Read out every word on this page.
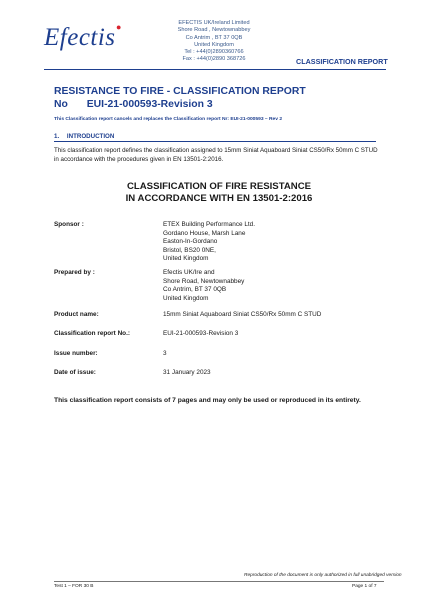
Efectis ●	EFECTIS UK/Ireland Limited
Shore Road , Newtownabbey
Co Antrim , BT 37 0QB
United Kingdom
Tel : +44(0)2890360766
Fax : +44(0)2890 368726	CLASSIFICATION REPORT
RESISTANCE TO FIRE - CLASSIFICATION REPORT
No EUI-21-000593-Revision 3
This Classification report cancels and replaces the Classification report Nr: EUI-21-000593 – Rev 2
1. INTRODUCTION
This classification report defines the classification assigned to 15mm Siniat Aquaboard Siniat CS50/Rx 50mm C STUD in accordance with the procedures given in EN 13501-2:2016.
CLASSIFICATION OF FIRE RESISTANCE
IN ACCORDANCE WITH EN 13501-2:2016
Sponsor :	ETEX Building Performance Ltd.
Gordano House, Marsh Lane
Easton-In-Gordano
Bristol, BS20 0NE,
United Kingdom
Prepared by :	Efectis UK/Ire and
Shore Road, Newtownabbey
Co Antrim, BT 37 0QB
United Kingdom
Product name:	15mm Siniat Aquaboard Siniat CS50/Rx 50mm C STUD
Classification report No.:	EUI-21-000593-Revision 3
Issue number:	3
Date of issue:	31 January 2023
This classification report consists of 7 pages and may only be used or reproduced in its entirety.
Reproduction of the document is only authorized in full unabridged version
Test 1 – FOR 30 B	Page 1 of 7
